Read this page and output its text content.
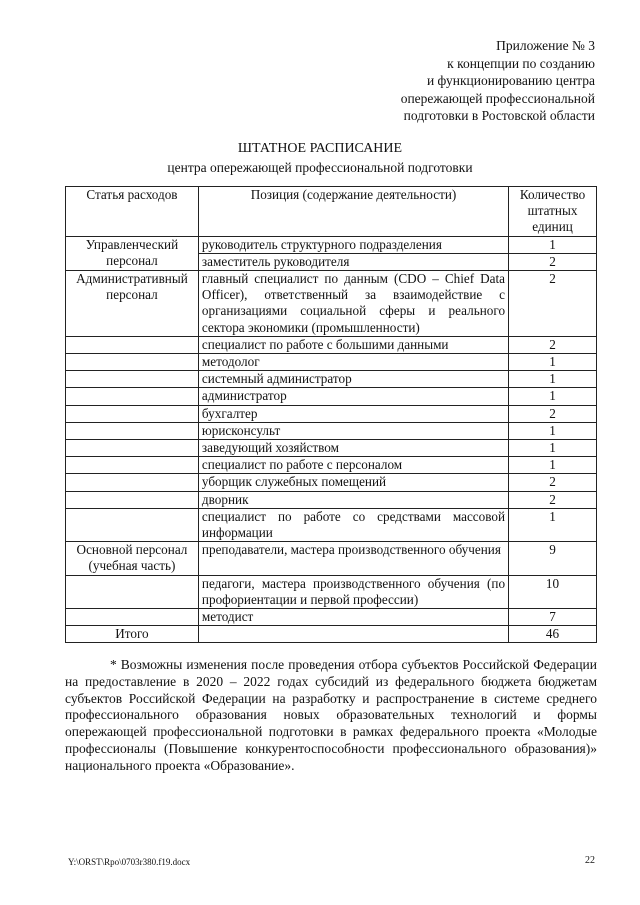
Приложение № 3
к концепции по созданию
и функционированию центра
опережающей профессиональной
подготовки в Ростовской области
ШТАТНОЕ РАСПИСАНИЕ
центра опережающей профессиональной подготовки
Статья расходов	Позиция (содержание деятельности)	Количество штатных единиц
Управленческий персонал	руководитель структурного подразделения	1
	заместитель руководителя	2
Административный персонал	главный специалист по данным (CDO – Chief Data Officer), ответственный за взаимодействие с организациями социальной сферы и реального сектора экономики (промышленности)	2
	специалист по работе с большими данными	2
	методолог	1
	системный администратор	1
	администратор	1
	бухгалтер	2
	юрисконсульт	1
	заведующий хозяйством	1
	специалист по работе с персоналом	1
	уборщик служебных помещений	2
	дворник	2
	специалист по работе со средствами массовой информации	1
Основной персонал (учебная часть)	преподаватели, мастера производственного обучения	9
	педагоги, мастера производственного обучения (по профориентации и первой профессии)	10
	методист	7
Итого		46
* Возможны изменения после проведения отбора субъектов Российской Федерации на предоставление в 2020 – 2022 годах субсидий из федерального бюджета бюджетам субъектов Российской Федерации на разработку и распространение в системе среднего профессионального образования новых образовательных технологий и формы опережающей профессиональной подготовки в рамках федерального проекта «Молодые профессионалы (Повышение конкурентоспособности профессионального образования)» национального проекта «Образование».
Y:\ORST\Rpo\0703r380.f19.docx	22
